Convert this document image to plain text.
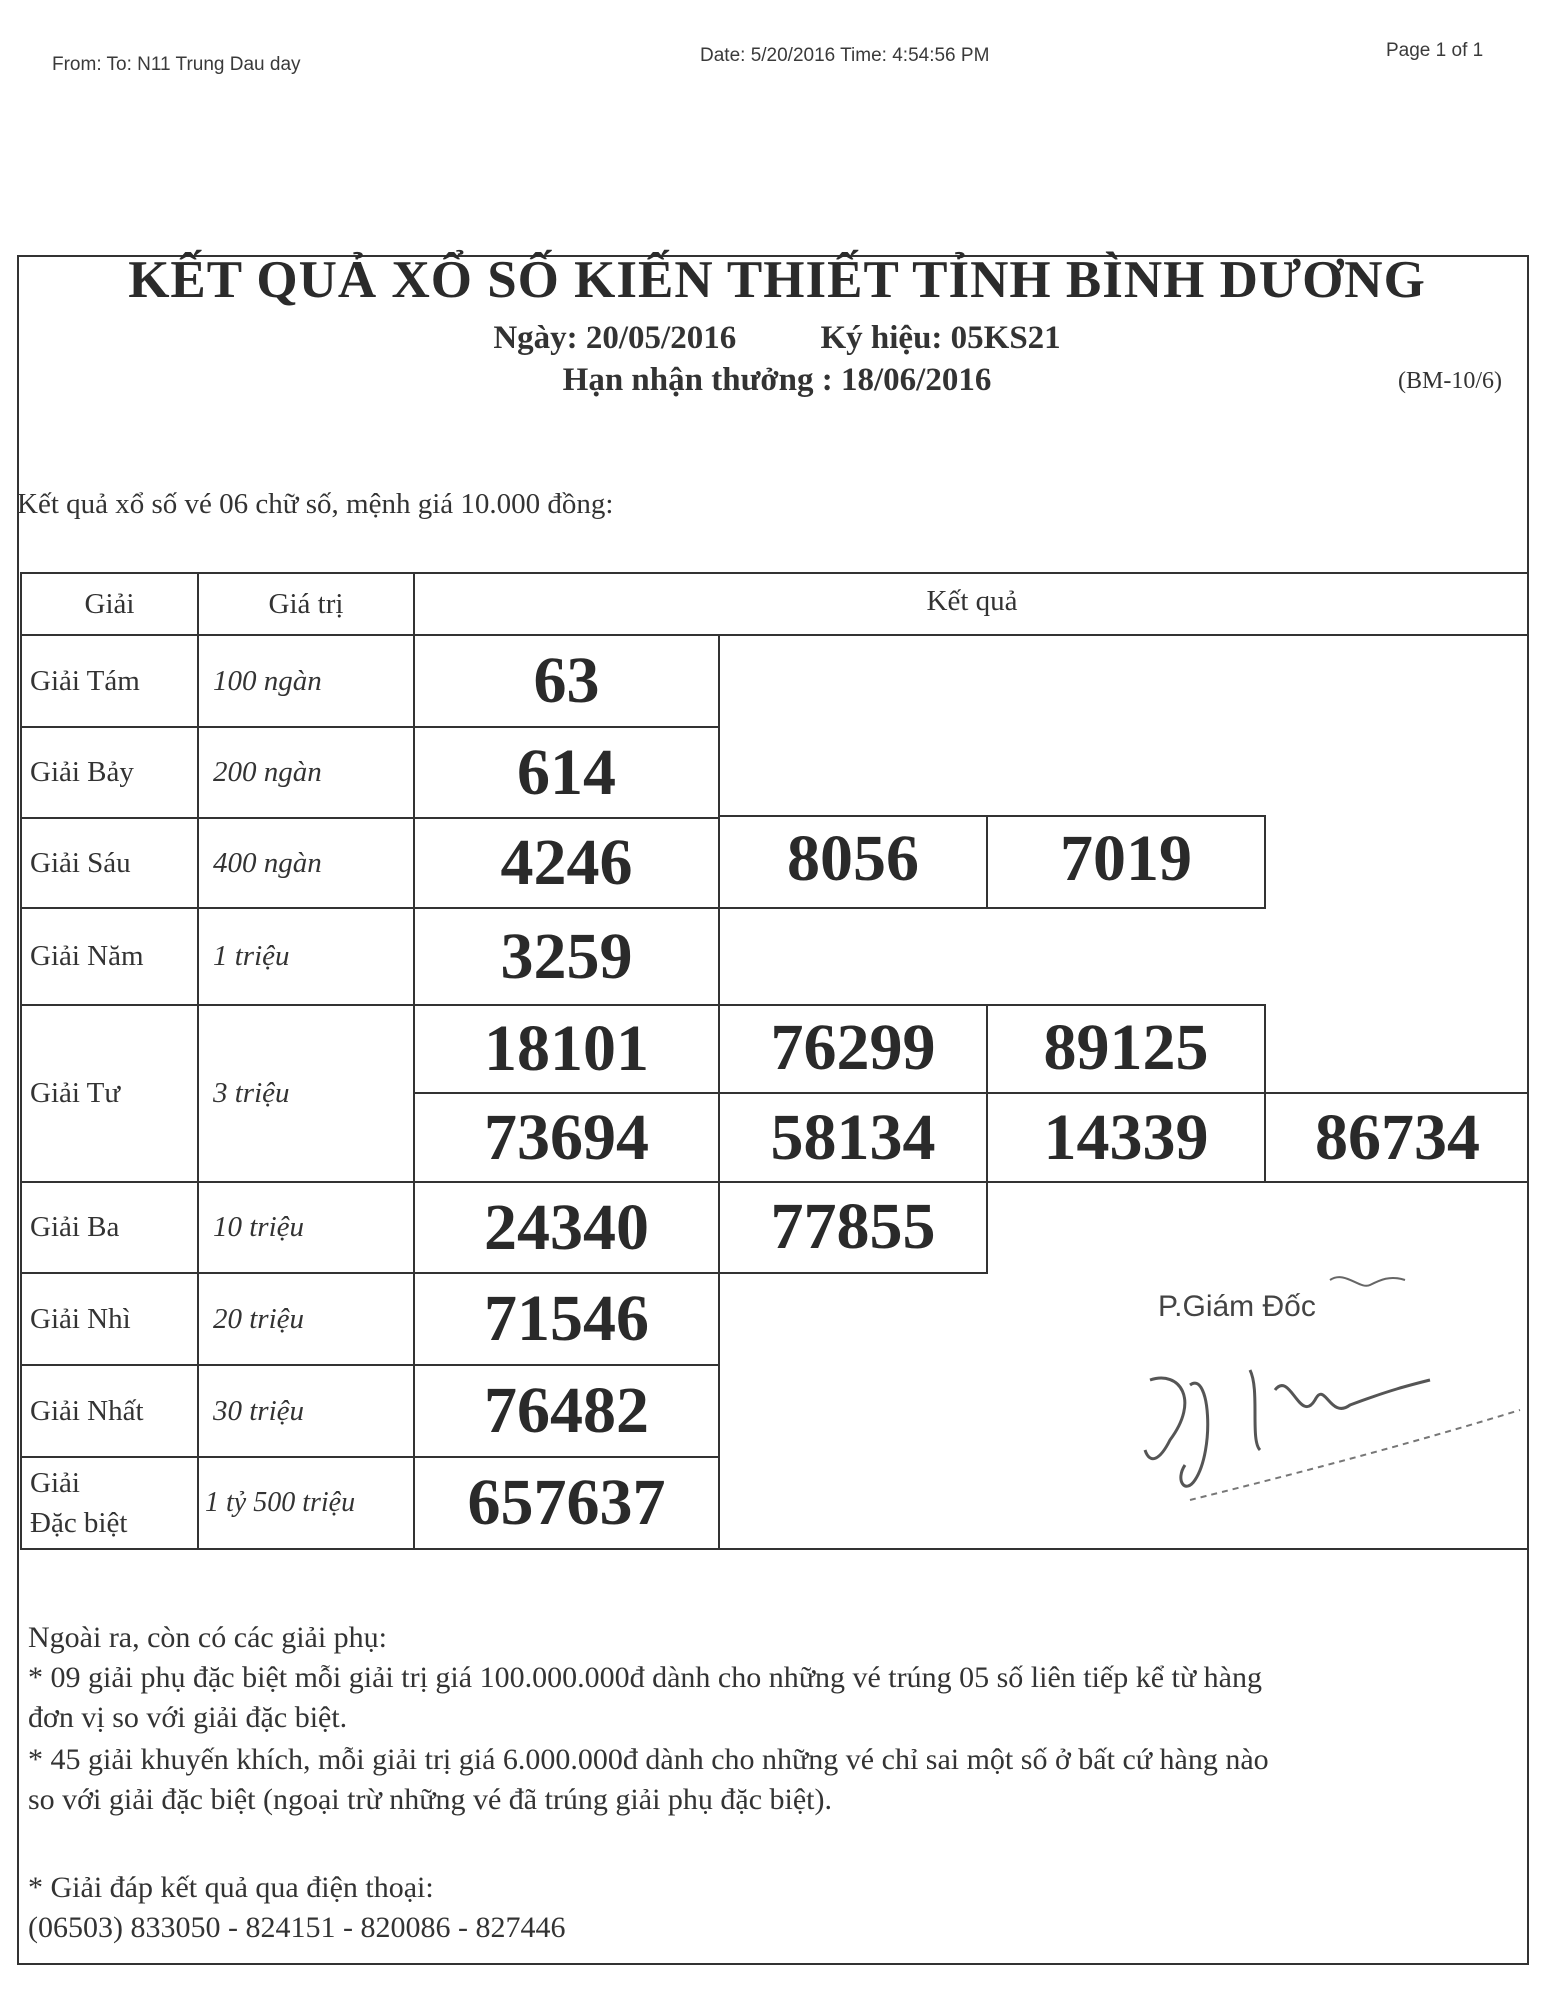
From: To: N11 Trung Dau day	Date: 5/20/2016 Time: 4:54:56 PM	Page 1 of 1
KẾT QUẢ XỔ SỐ KIẾN THIẾT TỈNH BÌNH DƯƠNG
Ngày: 20/05/2016	Ký hiệu: 05KS21
Hạn nhận thưởng : 18/06/2016	(BM-10/6)
Kết quả xổ số vé 06 chữ số, mệnh giá 10.000 đồng:
Giải	Giá trị	Kết quả
Giải Tám	100 ngàn	63
Giải Bảy	200 ngàn	614
Giải Sáu	400 ngàn	4246	8056	7019
Giải Năm	1 triệu	3259
Giải Tư	3 triệu
18101	76299	89125
73694	58134	14339	86734
Giải Ba	10 triệu	24340	77855
Giải Nhì	20 triệu	71546
Giải Nhất	30 triệu	76482
Giải
Đặc biệt
1 tỷ 500 triệu	657637
P.Giám Đốc
Ngoài ra, còn có các giải phụ:
* 09 giải phụ đặc biệt mỗi giải trị giá 100.000.000đ dành cho những vé trúng 05 số liên tiếp kể từ hàng
đơn vị so với giải đặc biệt.
* 45 giải khuyến khích, mỗi giải trị giá 6.000.000đ dành cho những vé chỉ sai một số ở bất cứ hàng nào
so với giải đặc biệt (ngoại trừ những vé đã trúng giải phụ đặc biệt).
* Giải đáp kết quả qua điện thoại:
(06503) 833050 - 824151 - 820086 - 827446
